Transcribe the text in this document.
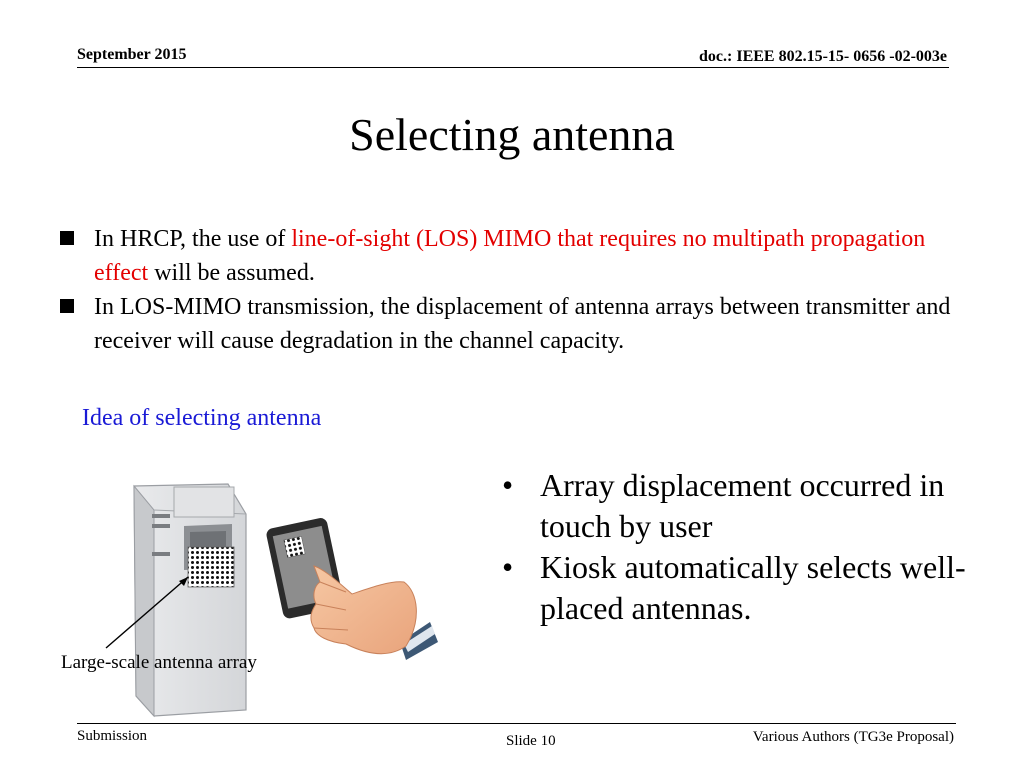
September 2015	doc.: IEEE 802.15-15- 0656 -02-003e
Selecting antenna
In HRCP, the use of line-of-sight (LOS) MIMO that requires no multipath propagation effect will be assumed.
In LOS-MIMO transmission, the displacement of antenna arrays between transmitter and receiver will cause degradation in the channel capacity.
Idea of selecting antenna
Large-scale antenna array
• Array displacement occurred in touch by user
• Kiosk automatically selects well-placed antennas.
Submission	Slide 10	Various Authors (TG3e Proposal)
